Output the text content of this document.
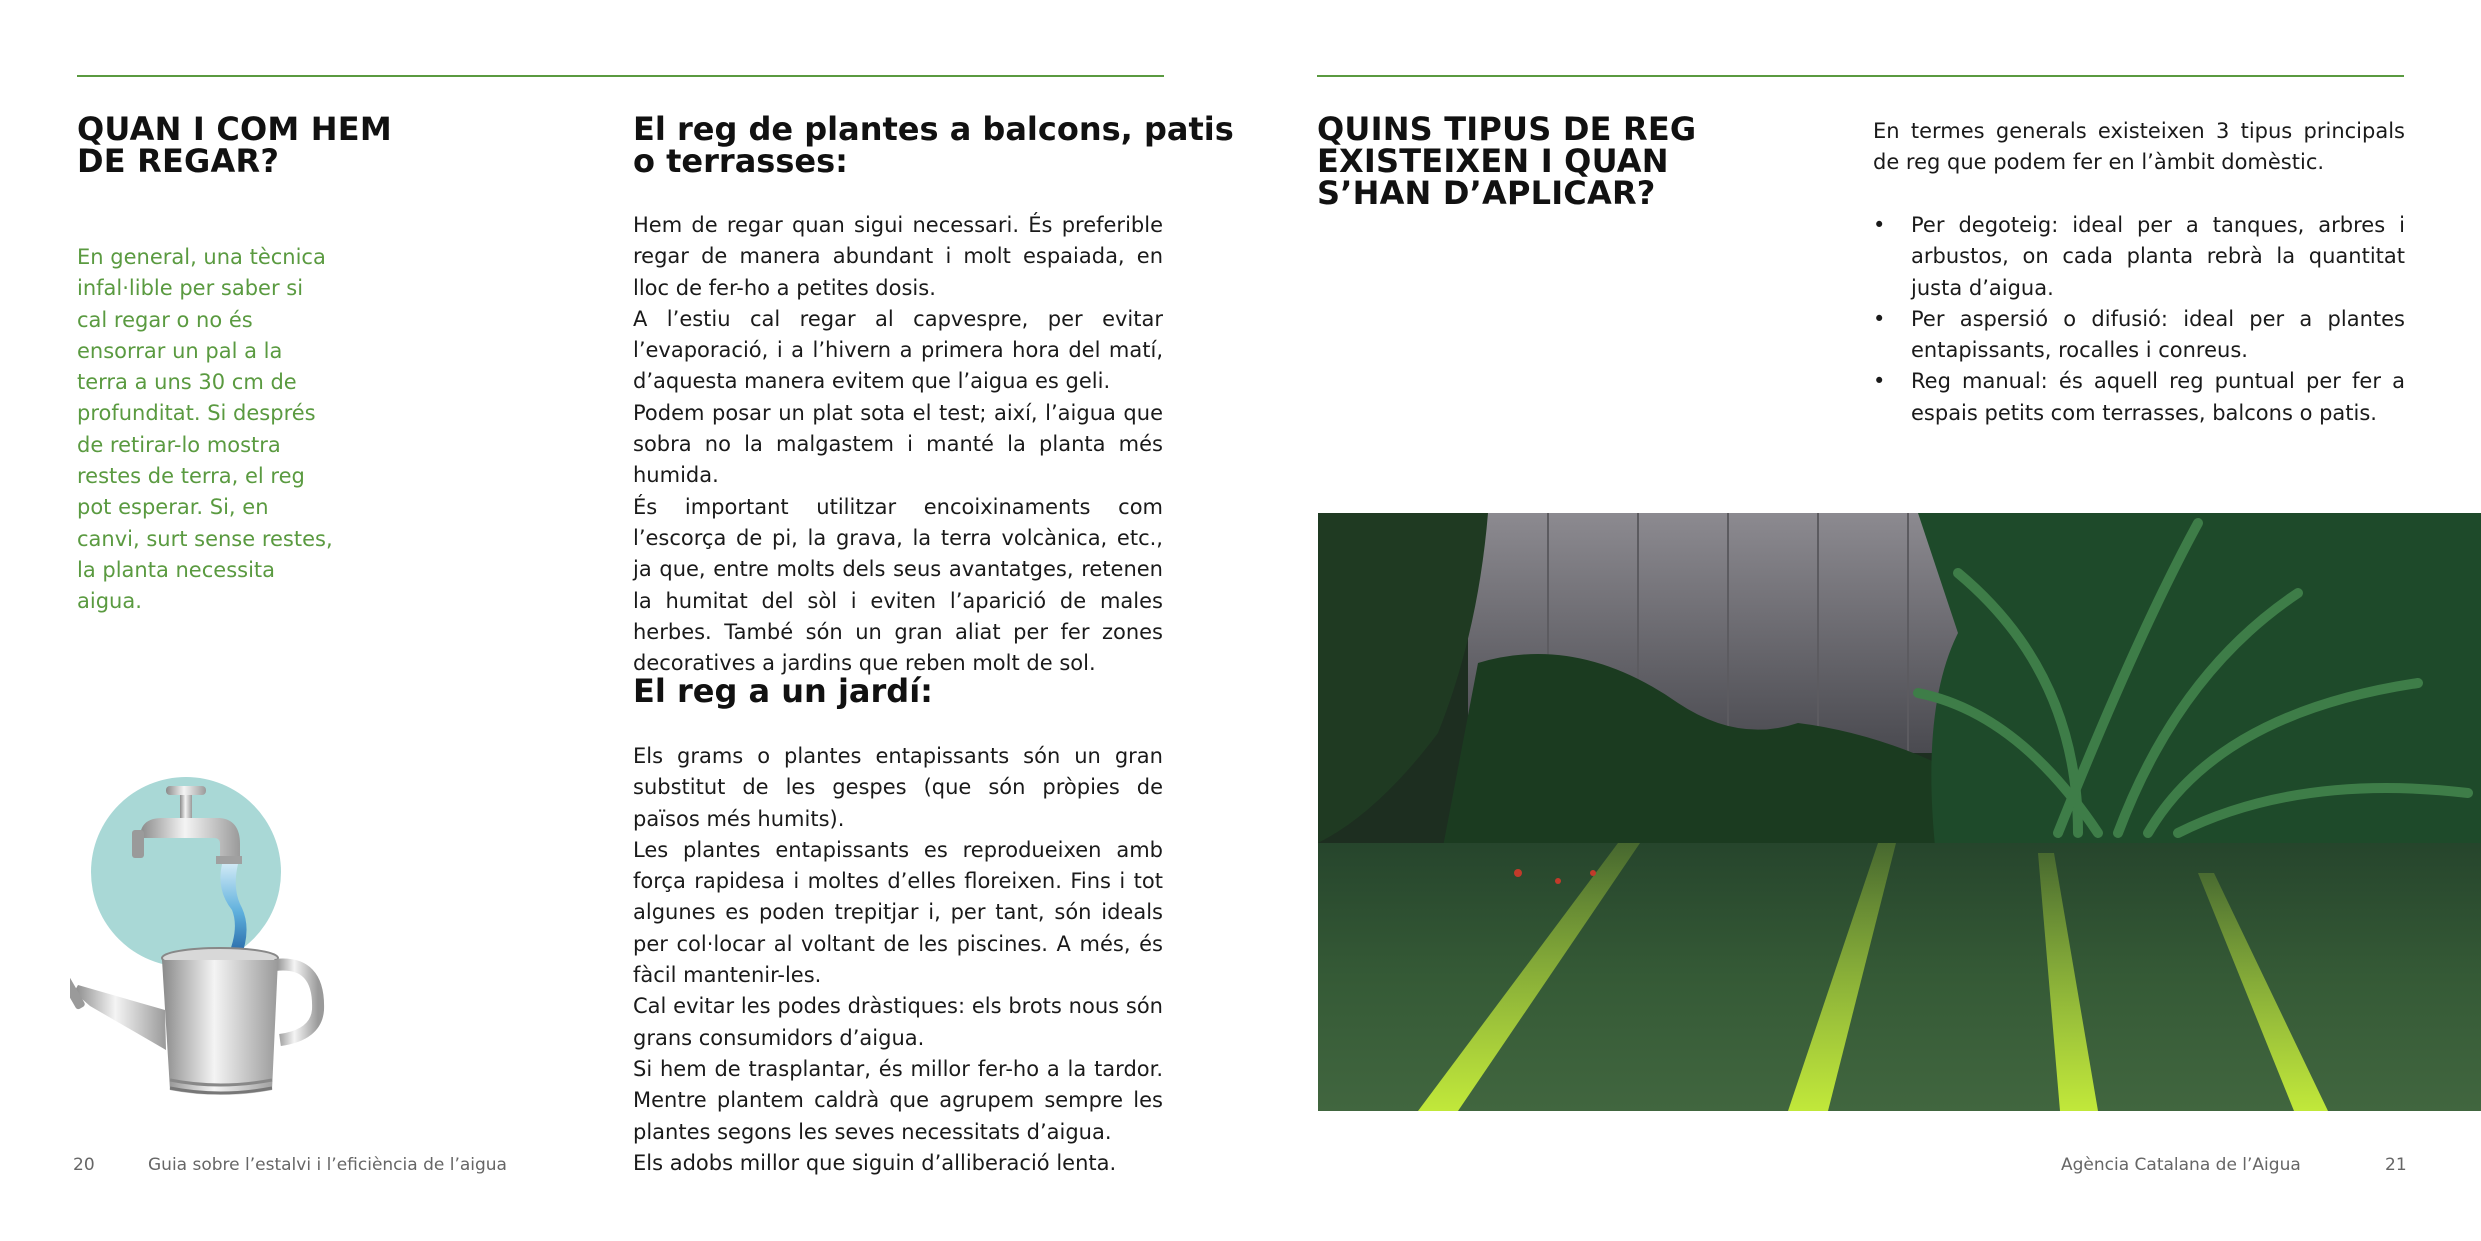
QUAN I COM HEM
DE REGAR?

En general, una tècnica infal·lible per saber si cal regar o no és ensorrar un pal a la terra a uns 30 cm de profunditat. Si després de retirar-lo mostra restes de terra, el reg pot esperar. Si, en canvi, surt sense restes, la planta necessita aigua.

El reg de plantes a balcons, patis
o terrasses:

Hem de regar quan sigui necessari. És preferible regar de manera abundant i molt espaiada, en lloc de fer-ho a petites dosis.

A l’estiu cal regar al capvespre, per evitar l’evaporació, i a l’hivern a primera hora del matí, d’aquesta manera evitem que l’aigua es geli.

Podem posar un plat sota el test; així, l’aigua que sobra no la malgastem i manté la planta més humida.

És important utilitzar encoixinaments com l’escorça de pi, la grava, la terra volcànica, etc., ja que, entre molts dels seus avantatges, retenen la humitat del sòl i eviten l’aparició de males herbes. També són un gran aliat per fer zones decoratives a jardins que reben molt de sol.

El reg a un jardí:

Els grams o plantes entapissants són un gran substitut de les gespes (que són pròpies de països més humits).

Les plantes entapissants es reprodueixen amb força rapidesa i moltes d’elles floreixen. Fins i tot algunes es poden trepitjar i, per tant, són ideals per col·locar al voltant de les piscines. A més, és fàcil mantenir-les.

Cal evitar les podes dràstiques: els brots nous són grans consumidors d’aigua.

Si hem de trasplantar, és millor fer-ho a la tardor. Mentre plantem caldrà que agrupem sempre les plantes segons les seves necessitats d’aigua.

Els adobs millor que siguin d’alliberació lenta.

20	Guia sobre l’estalvi i l’eficiència de l’aigua
QUINS TIPUS DE REG
EXISTEIXEN I QUAN
S’HAN D’APLICAR?

En termes generals existeixen 3 tipus principals de reg que podem fer en l’àmbit domèstic.

• Per degoteig: ideal per a tanques, arbres i arbustos, on cada planta rebrà la quantitat justa d’aigua.
• Per aspersió o difusió: ideal per a plantes entapissants, rocalles i conreus.
• Reg manual: és aquell reg puntual per fer a espais petits com terrasses, balcons o patis.
Agència Catalana de l’Aigua	21
